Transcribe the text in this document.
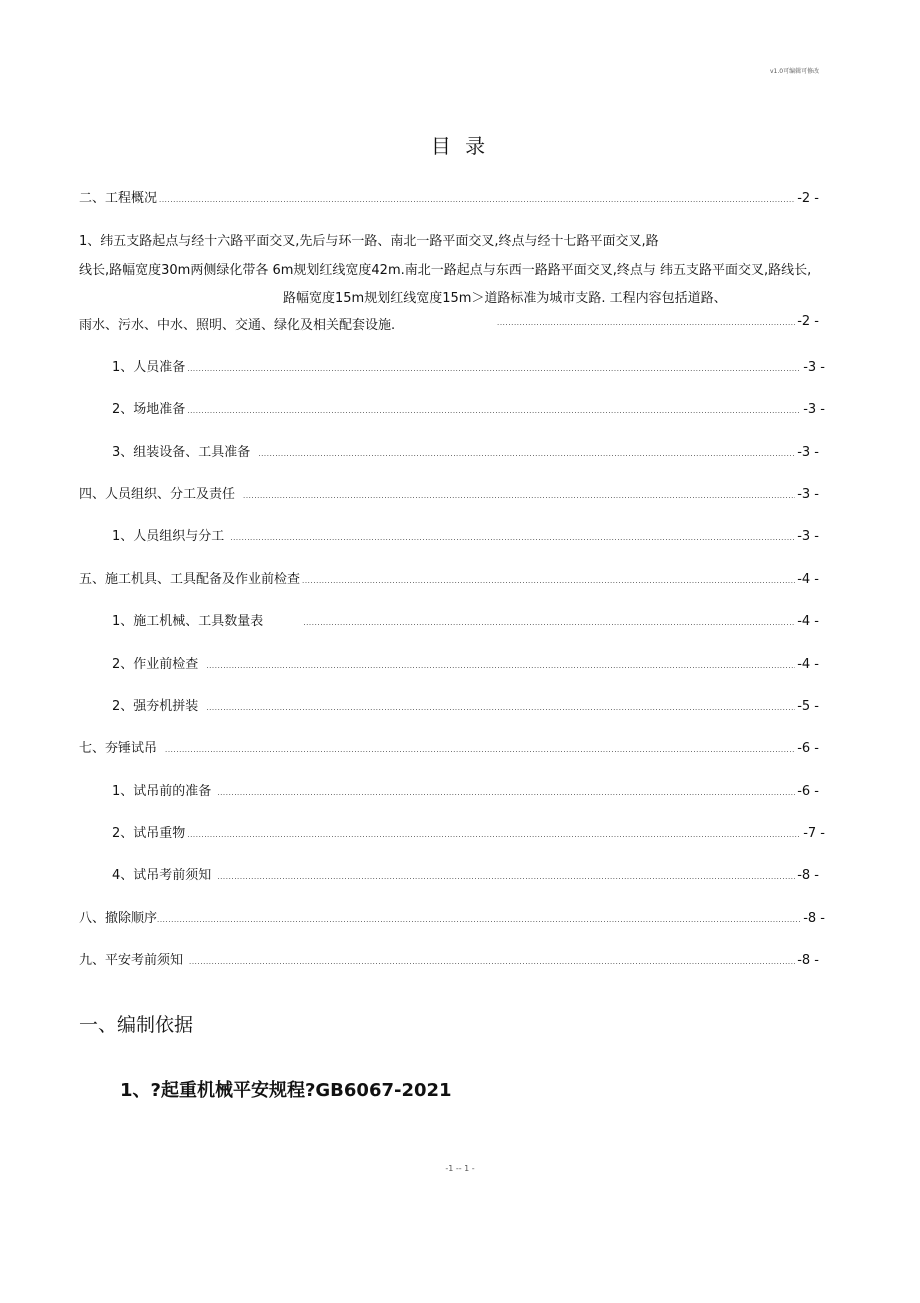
v1.0可编辑可修改
目 录
二、工程概况 .....	-2 -
1、纬五支路起点与经十六路平面交叉,先后与环一路、南北一路平面交叉,终点与经十七路平面交叉,路
线长,路幅宽度30m两侧绿化带各 6m规划红线宽度42m.南北一路起点与东西一路路平面交叉,终点与 纬五支路平面交叉,路线长,
路幅宽度15m规划红线宽度15m＞道路标准为城市支路. 工程内容包括道路、
雨水、污水、中水、照明、交通、绿化及相关配套设施. .....	-2 -
1、人员准备 .....	-3 -
2、场地准备 .....	-3 -
3、组装设备、工具准备 .....	-3 -
四、人员组织、分工及责任 .....	-3 -
1、人员组织与分工 .....	-3 -
五、施工机具、工具配备及作业前检查 .....	-4 -
1、施工机械、工具数量表 .....	-4 -
2、作业前检查 .....	-4 -
2、强夯机拼装 .....	-5 -
七、夯锤试吊 .....	-6 -
1、试吊前的准备 .....	-6 -
2、试吊重物 .....	-7 -
4、试吊考前须知 .....	-8 -
八、撤除顺序 .....	-8 -
九、平安考前须知 .....	-8 -
一、编制依据
1、?起重机械平安规程?GB6067-2021
-1 -- 1 -
